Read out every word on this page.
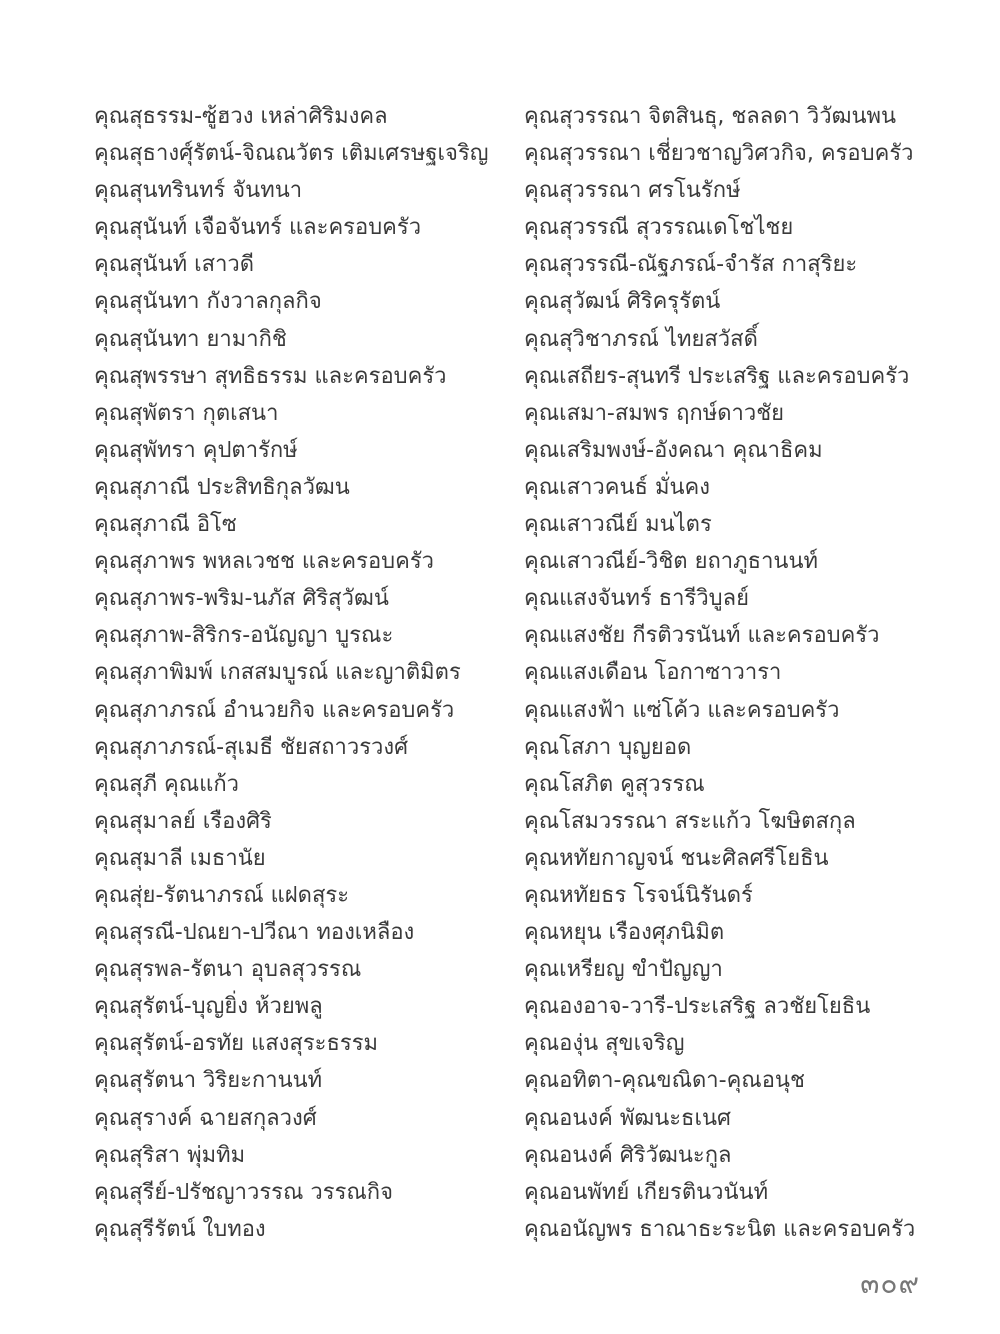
คุณสุธรรม-ซู้ฮวง เหล่าศิริมงคล
คุณสุธางศุ์รัตน์-จิณณวัตร เติมเศรษฐเจริญ
คุณสุนทรินทร์ จันทนา
คุณสุนันท์ เจือจันทร์ และครอบครัว
คุณสุนันท์ เสาวดี
คุณสุนันทา กังวาลกุลกิจ
คุณสุนันทา ยามากิชิ
คุณสุพรรษา สุทธิธรรม และครอบครัว
คุณสุพัตรา กุตเสนา
คุณสุพัทรา คุปตารักษ์
คุณสุภาณี ประสิทธิกุลวัฒน
คุณสุภาณี อิโซ
คุณสุภาพร พหลเวชช และครอบครัว
คุณสุภาพร-พริม-นภัส ศิริสุวัฒน์
คุณสุภาพ-สิริกร-อนัญญา บูรณะ
คุณสุภาพิมพ์ เกสสมบูรณ์ และญาติมิตร
คุณสุภาภรณ์ อำนวยกิจ และครอบครัว
คุณสุภาภรณ์-สุเมธี ชัยสถาวรวงศ์
คุณสุภี คุณแก้ว
คุณสุมาลย์ เรืองศิริ
คุณสุมาลี เมธานัย
คุณสุ่ย-รัตนาภรณ์ แฝดสุระ
คุณสุรณี-ปณยา-ปวีณา ทองเหลือง
คุณสุรพล-รัตนา อุบลสุวรรณ
คุณสุรัตน์-บุญยิ่ง ห้วยพลู
คุณสุรัตน์-อรทัย แสงสุระธรรม
คุณสุรัตนา วิริยะกานนท์
คุณสุรางค์ ฉายสกุลวงศ์
คุณสุริสา พุ่มทิม
คุณสุรีย์-ปรัชญาวรรณ วรรณกิจ
คุณสุรีรัตน์ ใบทอง
คุณสุวรรณา จิตสินธุ, ชลลดา วิวัฒนพน
คุณสุวรรณา เชี่ยวชาญวิศวกิจ, ครอบครัว
คุณสุวรรณา ศรโนรักษ์
คุณสุวรรณี สุวรรณเดโชไชย
คุณสุวรรณี-ณัฐภรณ์-จำรัส กาสุริยะ
คุณสุวัฒน์ ศิริครุรัตน์
คุณสุวิชาภรณ์ ไทยสวัสดิ์
คุณเสถียร-สุนทรี ประเสริฐ และครอบครัว
คุณเสมา-สมพร ฤกษ์ดาวชัย
คุณเสริมพงษ์-อังคณา คุณาธิคม
คุณเสาวคนธ์ มั่นคง
คุณเสาวณีย์ มนไตร
คุณเสาวณีย์-วิชิต ยถาภูธานนท์
คุณแสงจันทร์ ธารีวิบูลย์
คุณแสงชัย กีรติวรนันท์ และครอบครัว
คุณแสงเดือน โอกาซาวารา
คุณแสงฟ้า แซ่โค้ว และครอบครัว
คุณโสภา บุญยอด
คุณโสภิต คูสุวรรณ
คุณโสมวรรณา สระแก้ว โฆษิตสกุล
คุณหทัยกาญจน์ ชนะศิลศรีโยธิน
คุณหทัยธร โรจน์นิรันดร์
คุณหยุน เรืองศุภนิมิต
คุณเหรียญ ขำปัญญา
คุณองอาจ-วารี-ประเสริฐ ลวชัยโยธิน
คุณองุ่น สุขเจริญ
คุณอทิตา-คุณขณิดา-คุณอนุช
คุณอนงค์ พัฒนะธเนศ
คุณอนงค์ ศิริวัฒนะกูล
คุณอนพัทย์ เกียรตินวนันท์
คุณอนัญพร ธาณาธะระนิต และครอบครัว
๓๐๙
